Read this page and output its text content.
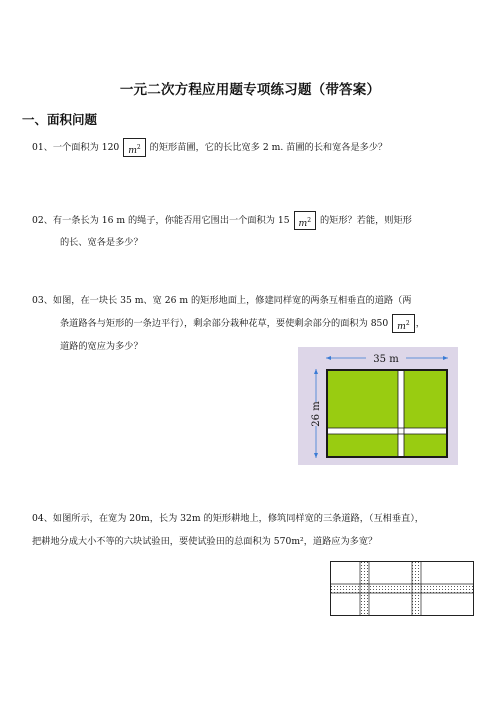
一元二次方程应用题专项练习题（带答案）
一、面积问题
01、一个面积为 120 $m^2$ 的矩形苗圃，它的长比宽多 2 m. 苗圃的长和宽各是多少？
02、有一条长为 16 m 的绳子，你能否用它围出一个面积为 15 $m^2$ 的矩形？若能，则矩形
的长、宽各是多少？
03、如图，在一块长 35 m、宽 26 m 的矩形地面上，修建同样宽的两条互相垂直的道路（两
条道路各与矩形的一条边平行），剩余部分栽种花草，要使剩余部分的面积为 850 $m^2$ ，
道路的宽应为多少？
35 m
26 m
04、如图所示，在宽为 20m，长为 32m 的矩形耕地上，修筑同样宽的三条道路，（互相垂直），
把耕地分成大小不等的六块试验田，要使试验田的总面积为 570m²，道路应为多宽？
